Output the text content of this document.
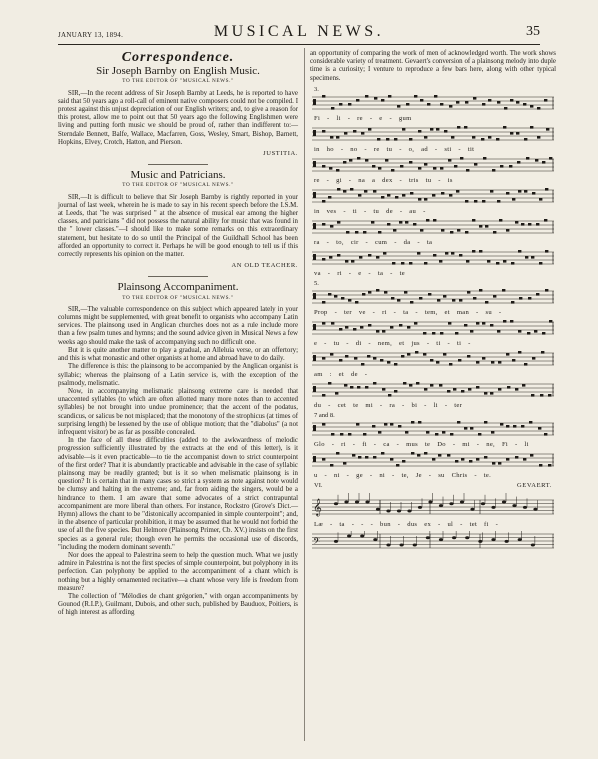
JANUARY 13, 1894.	MUSICAL NEWS.	35
Correspondence.
Sir Joseph Barnby on English Music.
TO THE EDITOR OF "MUSICAL NEWS."

SIR,—In the recent address of Sir Joseph Barnby at Leeds, he is reported to have said that 50 years ago a roll-call of eminent native composers could not be compiled. I protest against this unjust depreciation of our English writers; and, to give a reason for this protest, allow me to point out that 50 years ago the following Englishmen were living and putting forth music we should be proud of, rather than indifferent to:—Sterndale Bennett, Balfe, Wallace, Macfarren, Goss, Wesley, Smart, Bishop, Barnett, Hopkins, Elvey, Crotch, Hatton, and Pierson.

JUSTITIA.
Music and Patricians.
TO THE EDITOR OF "MUSICAL NEWS."

SIR,—It is difficult to believe that Sir Joseph Barnby is rightly reported in your journal of last week, wherein he is made to say in his recent speech before the I.S.M. at Leeds, that "he was surprised " at the absence of musical ear among the higher classes, and patricians " did not possess the natural ability for music that was found in the " lower classes."—I should like to make some remarks on this extraordinary statement, but hesitate to do so until the Principal of the Guildhall School has been afforded an opportunity to correct it. Perhaps he will be good enough to tell us if this correctly represents his opinion on the matter.

AN OLD TEACHER.
Plainsong Accompaniment.
TO THE EDITOR OF "MUSICAL NEWS."

SIR,—The valuable correspondence on this subject which appeared lately in your columns might be supplemented, with great benefit to organists who accompany Latin services. The plainsong used in Anglican churches does not as a rule include more than a few psalm tunes and hymns; and the sound advice given in Musical News a few weeks ago should make the task of accompanying such no difficult one.

But it is quite another matter to play a gradual, an Alleluia verse, or an offertory; and this is what monastic and other organists at home and abroad have to do daily.

The difference is this: the plainsong to be accompanied by the Anglican organist is syllabic; whereas the plainsong of a Latin service is, with the exception of the psalmody, melismatic.

Now, in accompanying melismatic plainsong extreme care is needed that unaccented syllables (to which are often allotted many more notes than to accented syllables) be not brought into undue prominence; that the accent of the podatus, scandicus, or salicus be not misplaced; that the monotony of the strophicus (at times of surprising length) be lessened by the use of oblique motion; that the "diabolus" (a not infrequent visitor) be as far as possible concealed.

In the face of all these difficulties (added to the awkwardness of melodic progression sufficiently illustrated by the extracts at the end of this letter), is it advisable—is it even practicable—to tie the accompanist down to strict counterpoint of the first order? That it is abundantly practicable and advisable in the case of syllabic plainsong may be readily granted; but is it so when melismatic plainsong is in question? It is certain that in many cases so strict a system as note against note would be clumsy and halting in the extreme; and, far from aiding the singers, would be a hindrance to them. I am aware that some advocates of a strict contrapuntal accompaniment are more liberal than others. For instance, Rockstro (Grove's Dict.—Hymn) allows the chant to be "distonically accompanied in simple counterpoint"; and, in the absence of particular prohibition, it may be assumed that he would not forbid the use of all the five species. But Helmore (Plainsong Primer, Cb. XV.) insists on the first species as a general rule; though even he permits the occasional use of discords, "including the modern dominant seventh."

Nor does the appeal to Palestrina seem to help the question much. What we justly admire in Palestrina is not the first species of simple counterpoint, but polyphony in its perfection. Can polyphony be applied to the accompaniment of a chant which is nothing but a highly ornamented recitative—a chant whose very life is freedom from measure?

The collection of "Mélodies de chant grégorien," with organ accompaniments by Gounod (R.I.P.), Guilmant, Dubois, and other such, published by Bauduox, Poitiers, is of high interest as affording

an opportunity of comparing the work of men of acknowledged worth. The work shows considerable variety of treatment. Gevaert's conversion of a plainsong melody into duple time is a curiosity; I venture to reproduce a few bars here, along with other typical specimens.

3.
Fi - li - re - e - gum
in ho - no - re tu - o, ad - sti - tit
re - gi - na a dex - tris tu - is
in ves - ti - tu de - au -
ra - to, cir - cum - da - ta
va - ri - e - ta - te
5.
Prop - ter ve - ri - ta - tem, et man - su -
e - tu - di - nem, et jus - ti - ti -
am : et de -
du - cet te mi - ra - bi - li - ter
7 and 8.
Glo - ri - fi - ca - mus te Do - mi - ne, Fi - li
u - ni - ge - ni - te, Je - su Chris - te.
VI.	GEVAERT.
𝄞
Læ - ta - - - bun - dus ex - ul - tet fi -
𝄢
